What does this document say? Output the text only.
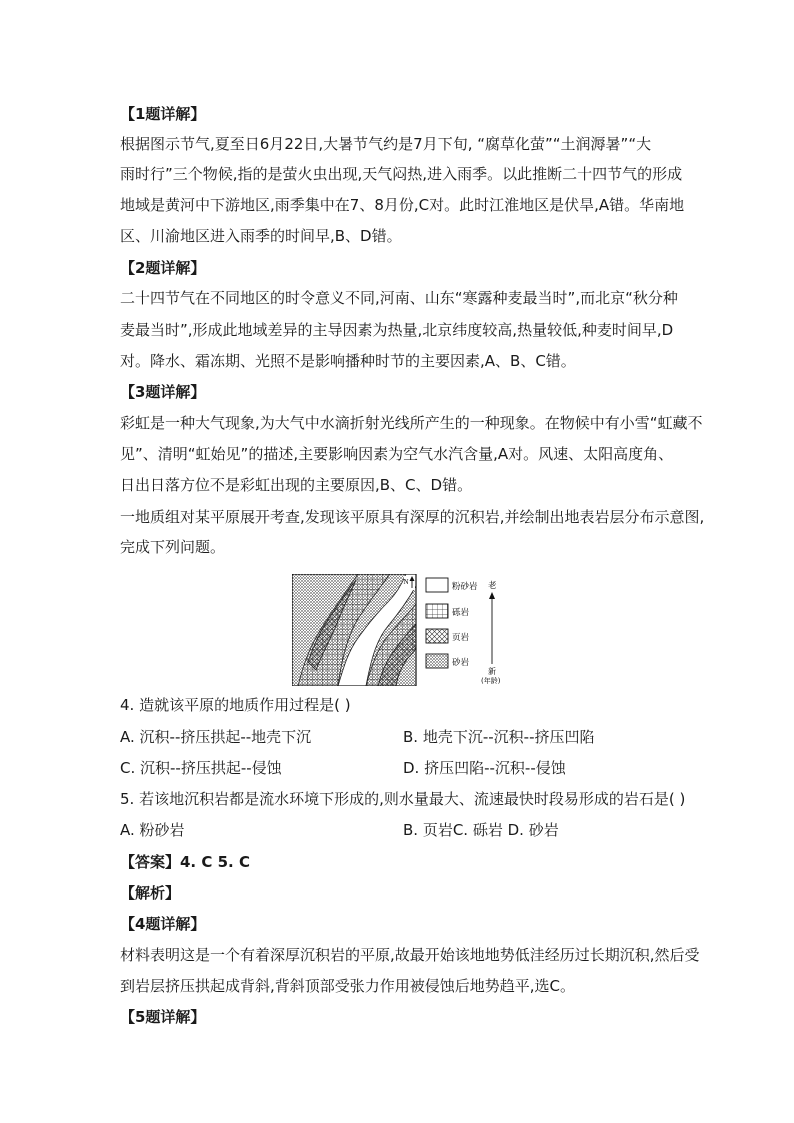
【1题详解】
根据图示节气,夏至日6月22日,大暑节气约是7月下旬, “腐草化萤”“土润溽暑”“大
雨时行”三个物候,指的是萤火虫出现,天气闷热,进入雨季。以此推断二十四节气的形成
地域是黄河中下游地区,雨季集中在7、8月份,C对。此时江淮地区是伏旱,A错。华南地
区、川渝地区进入雨季的时间早,B、D错。
【2题详解】
二十四节气在不同地区的时令意义不同,河南、山东“寒露种麦最当时”,而北京“秋分种
麦最当时”,形成此地域差异的主导因素为热量,北京纬度较高,热量较低,种麦时间早,D
对。降水、霜冻期、光照不是影响播种时节的主要因素,A、B、C错。
【3题详解】
彩虹是一种大气现象,为大气中水滴折射光线所产生的一种现象。在物候中有小雪“虹藏不
见”、清明“虹始见”的描述,主要影响因素为空气水汽含量,A对。风速、太阳高度角、
日出日落方位不是彩虹出现的主要原因,B、C、D错。
一地质组对某平原展开考查,发现该平原具有深厚的沉积岩,并绘制出地表岩层分布示意图,
完成下列问题。
N	粉砂岩
砾岩
页岩
砂岩
老
新
(年龄)
4. 造就该平原的地质作用过程是( )
A. 沉积--挤压拱起--地壳下沉	B. 地壳下沉--沉积--挤压凹陷
C. 沉积--挤压拱起--侵蚀	D. 挤压凹陷--沉积--侵蚀
5. 若该地沉积岩都是流水环境下形成的,则水量最大、流速最快时段易形成的岩石是( )
A. 粉砂岩	B. 页岩C. 砾岩 D. 砂岩
【答案】4. C 5. C
【解析】
【4题详解】
材料表明这是一个有着深厚沉积岩的平原,故最开始该地地势低洼经历过长期沉积,然后受
到岩层挤压拱起成背斜,背斜顶部受张力作用被侵蚀后地势趋平,选C。
【5题详解】
